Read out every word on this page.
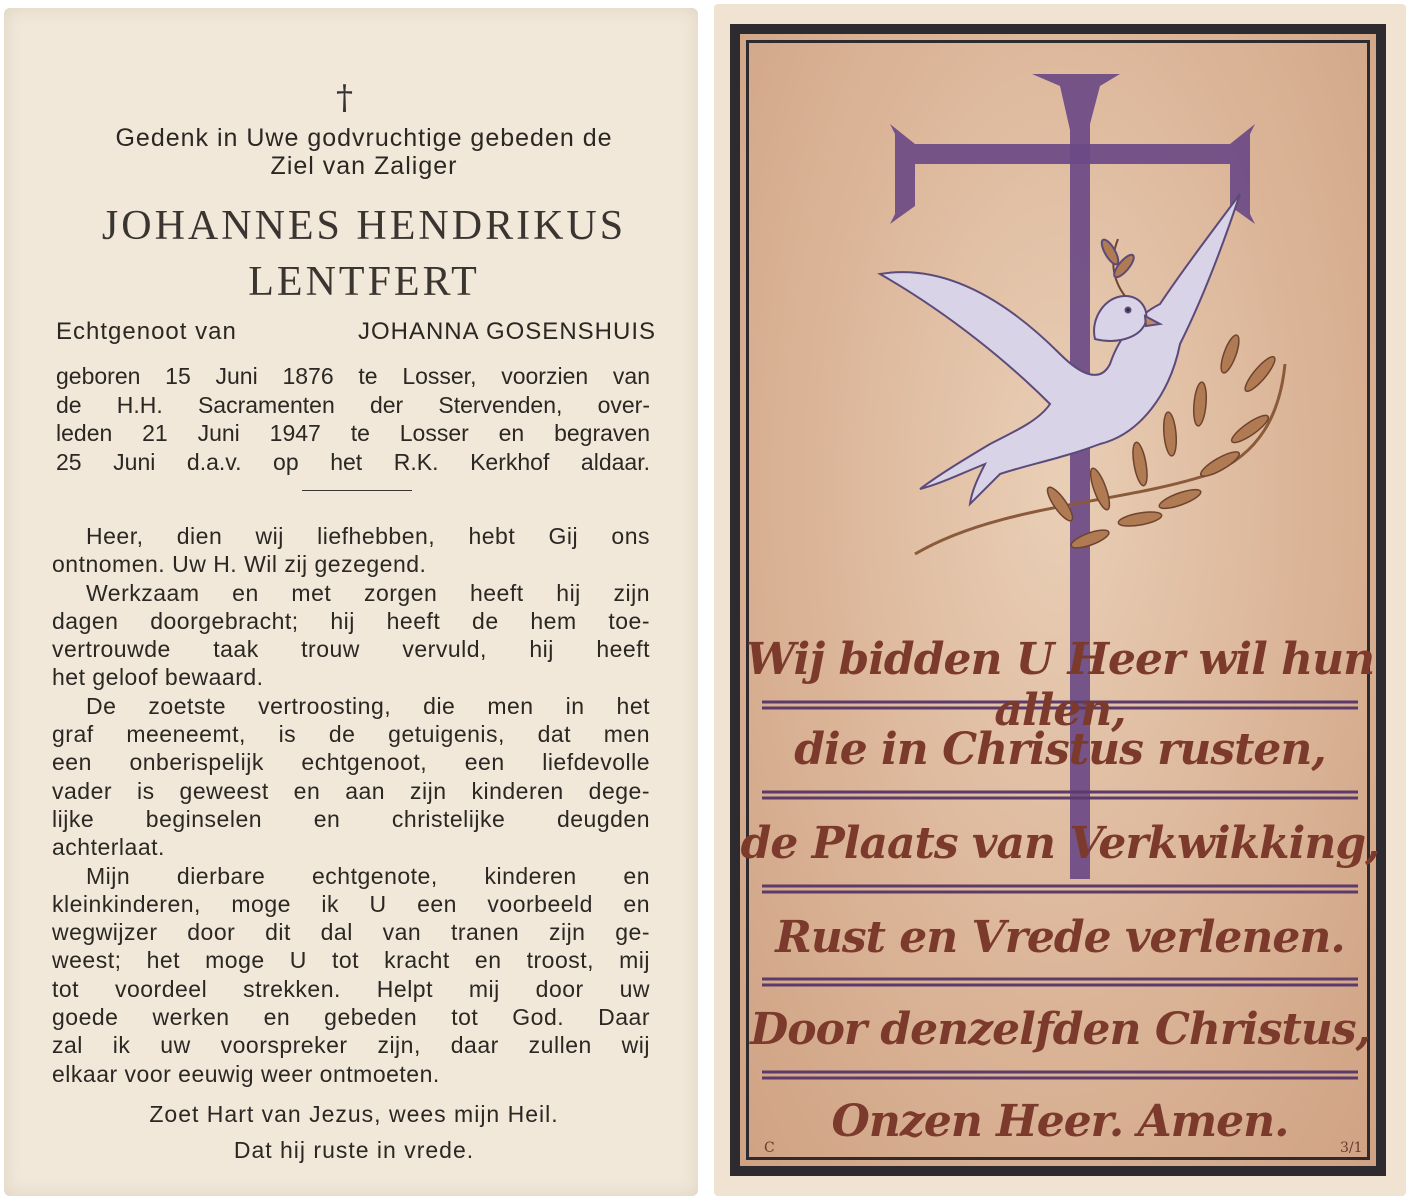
†
Gedenk in Uwe godvruchtige gebeden de
Ziel van Zaliger
JOHANNES HENDRIKUS
LENTFERT
Echtgenoot van	JOHANNA GOSENSHUIS
geboren 15 Juni 1876 te Losser, voorzien van
de H.H. Sacramenten der Stervenden, over-
leden 21 Juni 1947 te Losser en begraven
25 Juni d.a.v. op het R.K. Kerkhof aldaar.
Heer, dien wij liefhebben, hebt Gij ons
ontnomen. Uw H. Wil zij gezegend.
Werkzaam en met zorgen heeft hij zijn
dagen doorgebracht; hij heeft de hem toe-
vertrouwde taak trouw vervuld, hij heeft
het geloof bewaard.
De zoetste vertroosting, die men in het
graf meeneemt, is de getuigenis, dat men
een onberispelijk echtgenoot, een liefdevolle
vader is geweest en aan zijn kinderen dege-
lijke beginselen en christelijke deugden
achterlaat.
Mijn dierbare echtgenote, kinderen en
kleinkinderen, moge ik U een voorbeeld en
wegwijzer door dit dal van tranen zijn ge-
weest; het moge U tot kracht en troost, mij
tot voordeel strekken. Helpt mij door uw
goede werken en gebeden tot God. Daar
zal ik uw voorspreker zijn, daar zullen wij
elkaar voor eeuwig weer ontmoeten.
Zoet Hart van Jezus, wees mijn Heil.
Dat hij ruste in vrede.
Wij bidden U Heer wil hun allen,
die in Christus rusten,
de Plaats van Verkwikking,
Rust en Vrede verlenen.
Door denzelfden Christus,
Onzen Heer. Amen.
C	3/1
